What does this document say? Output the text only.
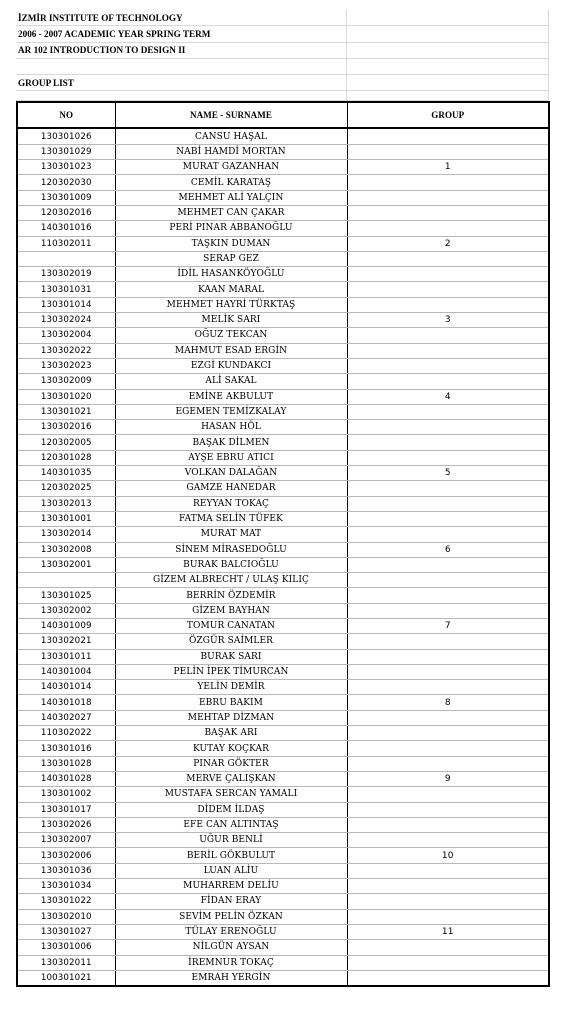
İZMİR INSTITUTE OF TECHNOLOGY	
2006 - 2007 ACADEMIC YEAR SPRING TERM	
AR 102 INTRODUCTION TO DESIGN II	

GROUP LIST	

NO	NAME - SURNAME	GROUP
130301026	CANSU HAŞAL	
130301029	NABİ HAMDİ MORTAN	
130301023	MURAT GAZANHAN	1
120302030	CEMİL KARATAŞ	
130301009	MEHMET ALİ YALÇIN	
120302016	MEHMET CAN ÇAKAR	
140301016	PERİ PINAR ABBANOĞLU	
110302011	TAŞKIN DUMAN	2
	SERAP GEZ	
130302019	İDİL HASANKÖYOĞLU	
130301031	KAAN MARAL	
130301014	MEHMET HAYRİ TÜRKTAŞ	
130302024	MELİK SARI	3
130302004	OĞUZ TEKCAN	
130302022	MAHMUT ESAD ERGİN	
130302023	EZGİ KUNDAKCI	
130302009	ALİ SAKAL	
130301020	EMİNE AKBULUT	4
130301021	EGEMEN TEMİZKALAY	
130302016	HASAN HÖL	
120302005	BAŞAK DİLMEN	
120301028	AYŞE EBRU ATICI	
140301035	VOLKAN DALAĞAN	5
120302025	GAMZE HANEDAR	
130302013	REYYAN TOKAÇ	
130301001	FATMA SELİN TÜFEK	
130302014	MURAT MAT	
130302008	SİNEM MİRASEDOĞLU	6
130302001	BURAK BALCIOĞLU	
	GİZEM ALBRECHT / ULAŞ KILIÇ	
130301025	BERRİN ÖZDEMİR	
130302002	GİZEM BAYHAN	
140301009	TOMUR CANATAN	7
130302021	ÖZGÜR SAİMLER	
130301011	BURAK SARI	
140301004	PELİN İPEK TİMURCAN	
140301014	YELİN DEMİR	
140301018	EBRU BAKIM	8
140302027	MEHTAP DİZMAN	
110302022	BAŞAK ARI	
130301016	KUTAY KOÇKAR	
130301028	PINAR GÖKTER	
140301028	MERVE ÇALIŞKAN	9
130301002	MUSTAFA SERCAN YAMALI	
130301017	DİDEM İLDAŞ	
130302026	EFE CAN ALTINTAŞ	
130302007	UĞUR BENLİ	
130302006	BERİL GÖKBULUT	10
130301036	LUAN ALİU	
130301034	MUHARREM DELİU	
130301022	FİDAN ERAY	
130302010	SEVİM PELİN ÖZKAN	
130301027	TÜLAY ERENOĞLU	11
130301006	NİLGÜN AYSAN	
130302011	İREMNUR TOKAÇ	
100301021	EMRAH YERGİN	
